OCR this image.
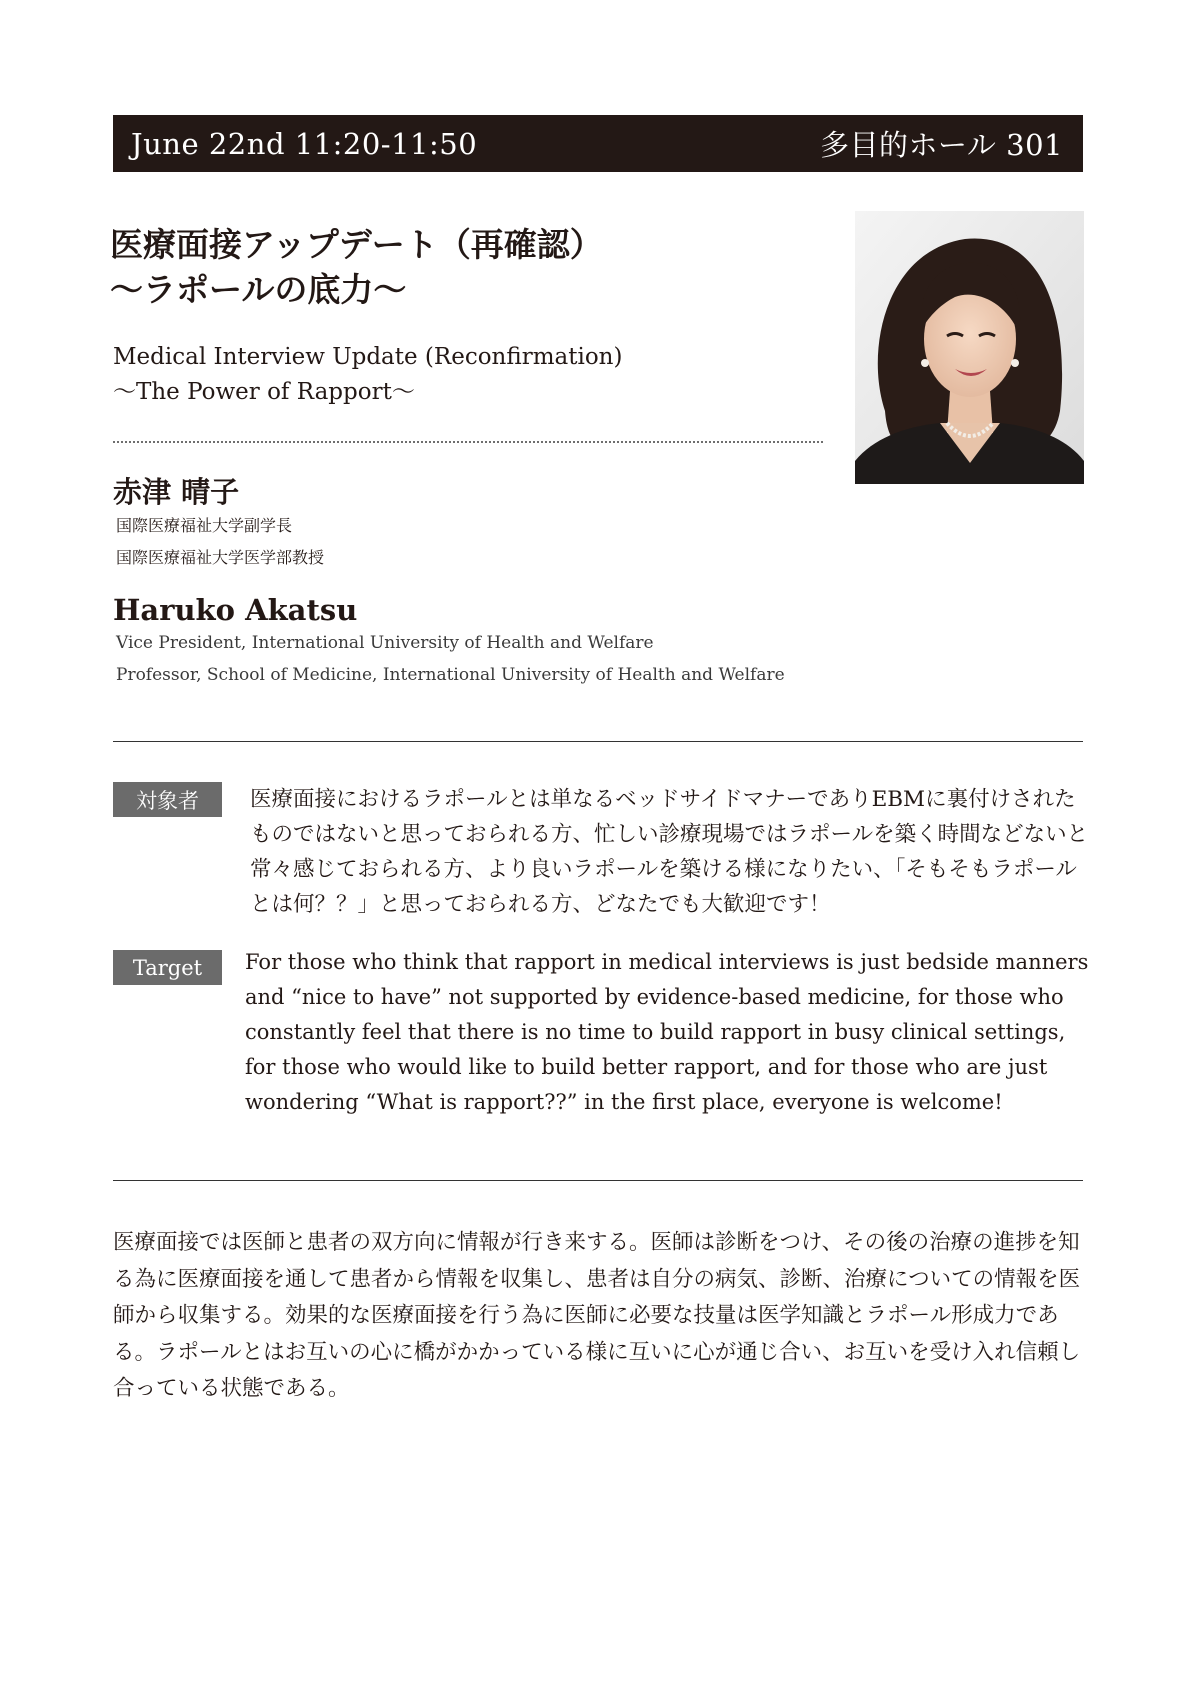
June 22nd 11:20-11:50	多目的ホール 301
医療面接アップデート（再確認）
〜ラポールの底力〜
Medical Interview Update (Reconfirmation)
〜The Power of Rapport〜
赤津 晴子
国際医療福祉大学副学長
国際医療福祉大学医学部教授
Haruko Akatsu
Vice President, International University of Health and Welfare
Professor, School of Medicine, International University of Health and Welfare
対象者	医療面接におけるラポールとは単なるベッドサイドマナーでありEBMに裏付けされたものではないと思っておられる方、忙しい診療現場ではラポールを築く時間などないと常々感じておられる方、より良いラポールを築ける様になりたい、「そもそもラポールとは何？？」と思っておられる方、どなたでも大歓迎です！

Target	For those who think that rapport in medical interviews is just bedside manners and “nice to have” not supported by evidence-based medicine, for those who constantly feel that there is no time to build rapport in busy clinical settings, for those who would like to build better rapport, and for those who are just wondering “What is rapport??” in the first place, everyone is welcome!

医療面接では医師と患者の双方向に情報が行き来する。医師は診断をつけ、その後の治療の進捗を知る為に医療面接を通して患者から情報を収集し、患者は自分の病気、診断、治療についての情報を医師から収集する。効果的な医療面接を行う為に医師に必要な技量は医学知識とラポール形成力である。ラポールとはお互いの心に橋がかかっている様に互いに心が通じ合い、お互いを受け入れ信頼し合っている状態である。
